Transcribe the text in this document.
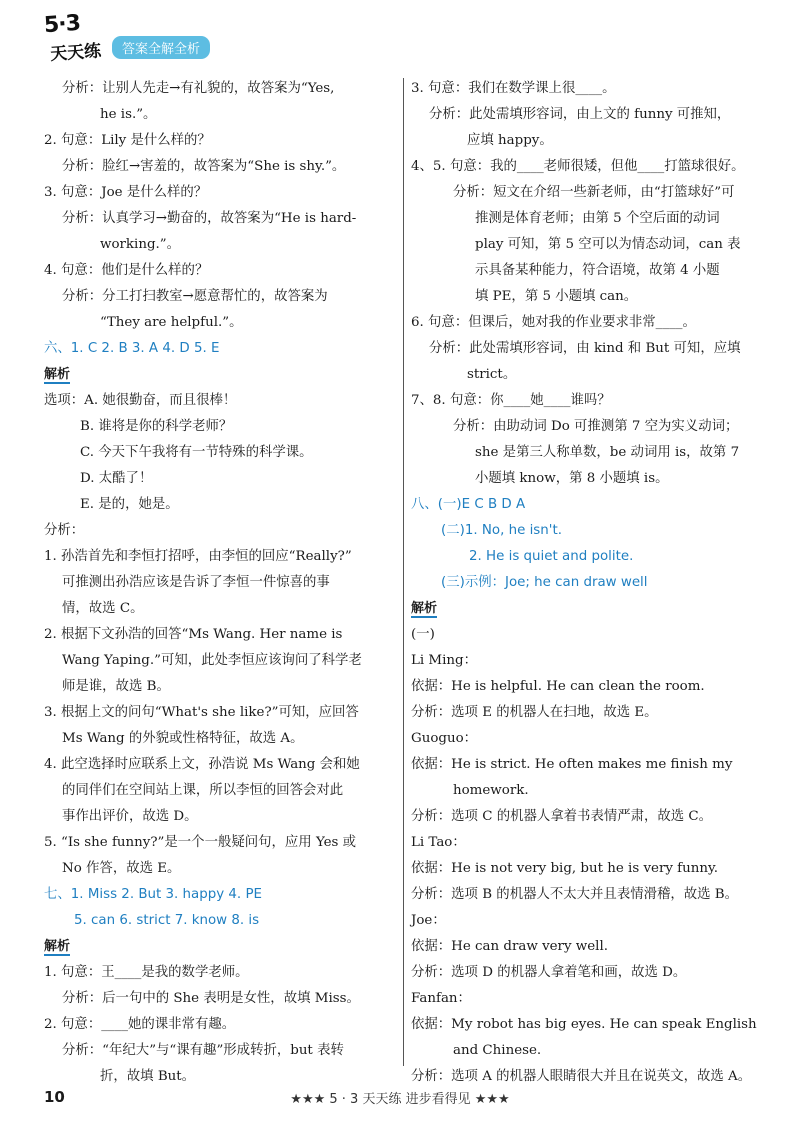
5·3
天天练	答案全解全析
分析：让别人先走→有礼貌的，故答案为“Yes,
he is.”。
2. 句意：Lily 是什么样的？
分析：脸红→害羞的，故答案为“She is shy.”。
3. 句意：Joe 是什么样的？
分析：认真学习→勤奋的，故答案为“He is hard-
working.”。
4. 句意：他们是什么样的？
分析：分工打扫教室→愿意帮忙的，故答案为
“They are helpful.”。
六、1. C 2. B 3. A 4. D 5. E
解析
选项：A. 她很勤奋，而且很棒！
B. 谁将是你的科学老师？
C. 今天下午我将有一节特殊的科学课。
D. 太酷了！
E. 是的，她是。
分析：
1. 孙浩首先和李恒打招呼，由李恒的回应“Really?”
可推测出孙浩应该是告诉了李恒一件惊喜的事
情，故选 C。
2. 根据下文孙浩的回答“Ms Wang. Her name is
Wang Yaping.”可知，此处李恒应该询问了科学老
师是谁，故选 B。
3. 根据上文的问句“What's she like?”可知，应回答
Ms Wang 的外貌或性格特征，故选 A。
4. 此空选择时应联系上文，孙浩说 Ms Wang 会和她
的同伴们在空间站上课，所以李恒的回答会对此
事作出评价，故选 D。
5. “Is she funny?”是一个一般疑问句，应用 Yes 或
No 作答，故选 E。
七、1. Miss 2. But 3. happy 4. PE
5. can 6. strict 7. know 8. is
解析
1. 句意：王____是我的数学老师。
分析：后一句中的 She 表明是女性，故填 Miss。
2. 句意：____她的课非常有趣。
分析：“年纪大”与“课有趣”形成转折，but 表转
折，故填 But。
3. 句意：我们在数学课上很____。
分析：此处需填形容词，由上文的 funny 可推知，
应填 happy。
4、5. 句意：我的____老师很矮，但他____打篮球很好。
分析：短文在介绍一些新老师，由“打篮球好”可
推测是体育老师；由第 5 个空后面的动词
play 可知，第 5 空可以为情态动词，can 表
示具备某种能力，符合语境，故第 4 小题
填 PE，第 5 小题填 can。
6. 句意：但课后，她对我的作业要求非常____。
分析：此处需填形容词，由 kind 和 But 可知，应填
strict。
7、8. 句意：你____她____谁吗？
分析：由助动词 Do 可推测第 7 空为实义动词；
she 是第三人称单数，be 动词用 is，故第 7
小题填 know，第 8 小题填 is。
八、(一)E C B D A
(二)1. No, he isn't.
2. He is quiet and polite.
(三)示例：Joe; he can draw well
解析
(一)
Li Ming：
依据：He is helpful. He can clean the room.
分析：选项 E 的机器人在扫地，故选 E。
Guoguo：
依据：He is strict. He often makes me finish my
homework.
分析：选项 C 的机器人拿着书表情严肃，故选 C。
Li Tao：
依据：He is not very big, but he is very funny.
分析：选项 B 的机器人不太大并且表情滑稽，故选 B。
Joe：
依据：He can draw very well.
分析：选项 D 的机器人拿着笔和画，故选 D。
Fanfan：
依据：My robot has big eyes. He can speak English
and Chinese.
分析：选项 A 的机器人眼睛很大并且在说英文，故选 A。
10	★★★ 5 · 3 天天练 进步看得见 ★★★
